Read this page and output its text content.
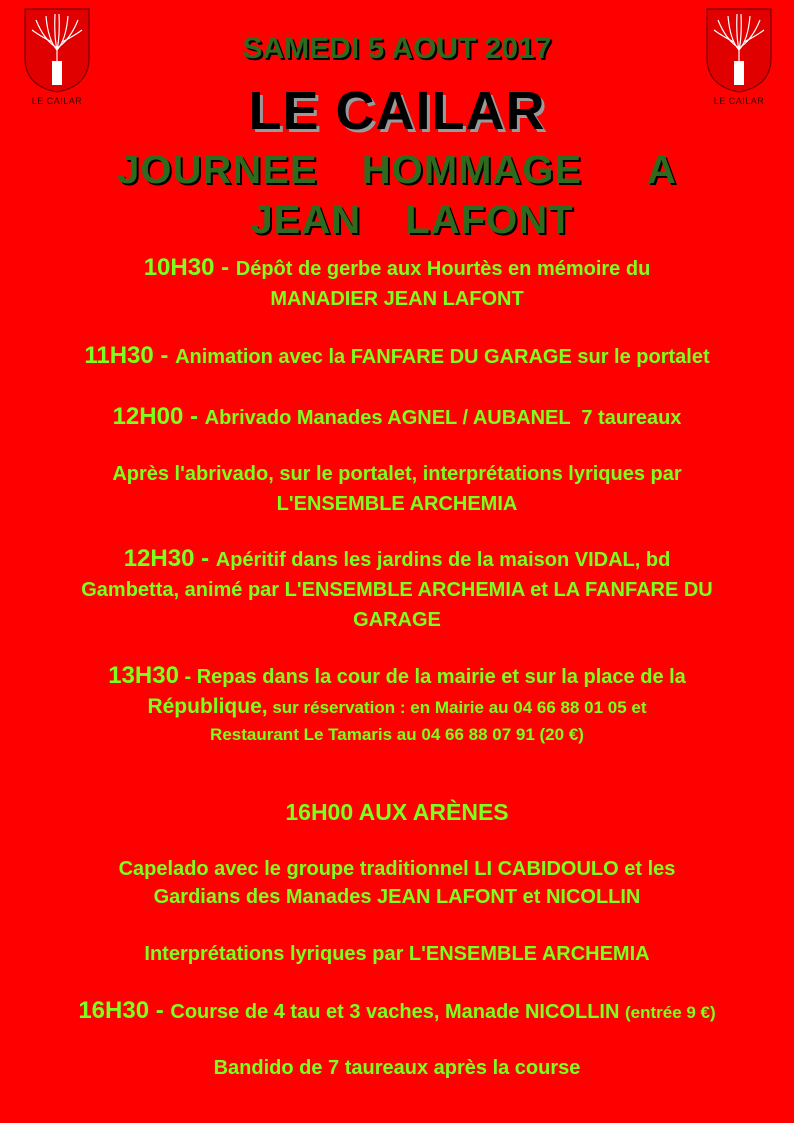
LE CAILAR	LE CAILAR
SAMEDI 5 AOUT 2017
LE CAILAR
JOURNEE  HOMMAGE   A
JEAN  LAFONT
10H30 - Dépôt de gerbe aux Hourtès en mémoire du
MANADIER JEAN LAFONT
11H30 - Animation avec la FANFARE DU GARAGE sur le portalet
12H00 - Abrivado Manades AGNEL / AUBANEL  7 taureaux
Après l'abrivado, sur le portalet, interprétations lyriques par
L'ENSEMBLE ARCHEMIA
12H30 - Apéritif dans les jardins de la maison VIDAL, bd
Gambetta, animé par L'ENSEMBLE ARCHEMIA et LA FANFARE DU
GARAGE
13H30 - Repas dans la cour de la mairie et sur la place de la
République, sur réservation : en Mairie au 04 66 88 01 05 et
Restaurant Le Tamaris au 04 66 88 07 91 (20 €)
16H00 AUX ARÈNES
Capelado avec le groupe traditionnel LI CABIDOULO et les
Gardians des Manades JEAN LAFONT et NICOLLIN
Interprétations lyriques par L'ENSEMBLE ARCHEMIA
16H30 - Course de 4 tau et 3 vaches, Manade NICOLLIN (entrée 9 €)
Bandido de 7 taureaux après la course
